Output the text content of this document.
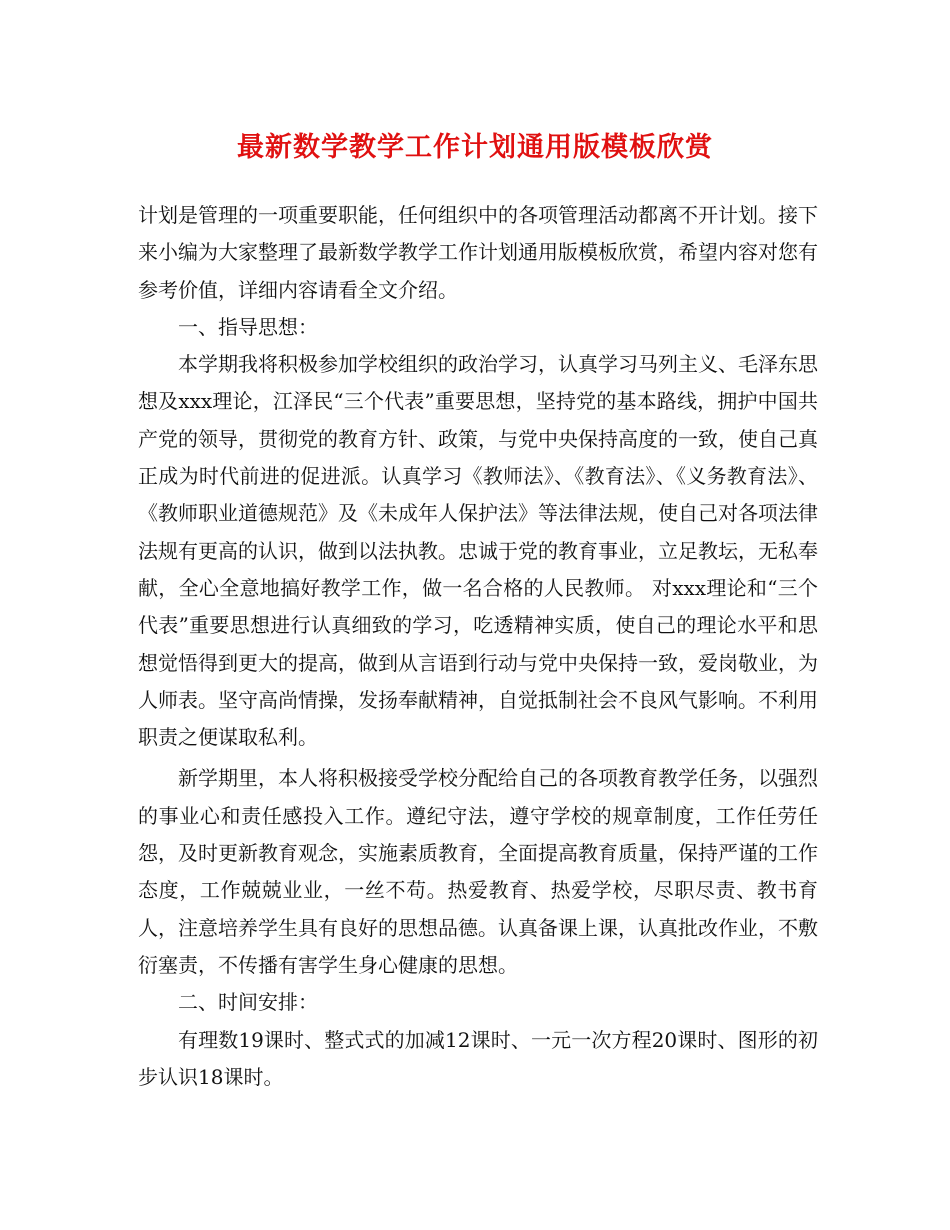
最新数学教学工作计划通用版模板欣赏

计划是管理的一项重要职能，任何组织中的各项管理活动都离不开计划。接下来小编为大家整理了最新数学教学工作计划通用版模板欣赏，希望内容对您有参考价值，详细内容请看全文介绍。

一、指导思想：

本学期我将积极参加学校组织的政治学习，认真学习马列主义、毛泽东思想及xxx理论，江泽民“三个代表”重要思想，坚持党的基本路线，拥护中国共产党的领导，贯彻党的教育方针、政策，与党中央保持高度的一致，使自己真正成为时代前进的促进派。认真学习《教师法》、《教育法》、《义务教育法》、《教师职业道德规范》及《未成年人保护法》等法律法规，使自己对各项法律法规有更高的认识，做到以法执教。忠诚于党的教育事业，立足教坛，无私奉献，全心全意地搞好教学工作，做一名合格的人民教师。 对xxx理论和“三个代表”重要思想进行认真细致的学习，吃透精神实质，使自己的理论水平和思想觉悟得到更大的提高，做到从言语到行动与党中央保持一致，爱岗敬业，为人师表。坚守高尚情操，发扬奉献精神，自觉抵制社会不良风气影响。不利用职责之便谋取私利。

新学期里，本人将积极接受学校分配给自己的各项教育教学任务，以强烈的事业心和责任感投入工作。遵纪守法，遵守学校的规章制度，工作任劳任怨，及时更新教育观念，实施素质教育，全面提高教育质量，保持严谨的工作态度，工作兢兢业业，一丝不苟。热爱教育、热爱学校，尽职尽责、教书育人，注意培养学生具有良好的思想品德。认真备课上课，认真批改作业，不敷衍塞责，不传播有害学生身心健康的思想。

二、时间安排：

有理数19课时、整式式的加减12课时、一元一次方程20课时、图形的初步认识18课时。
